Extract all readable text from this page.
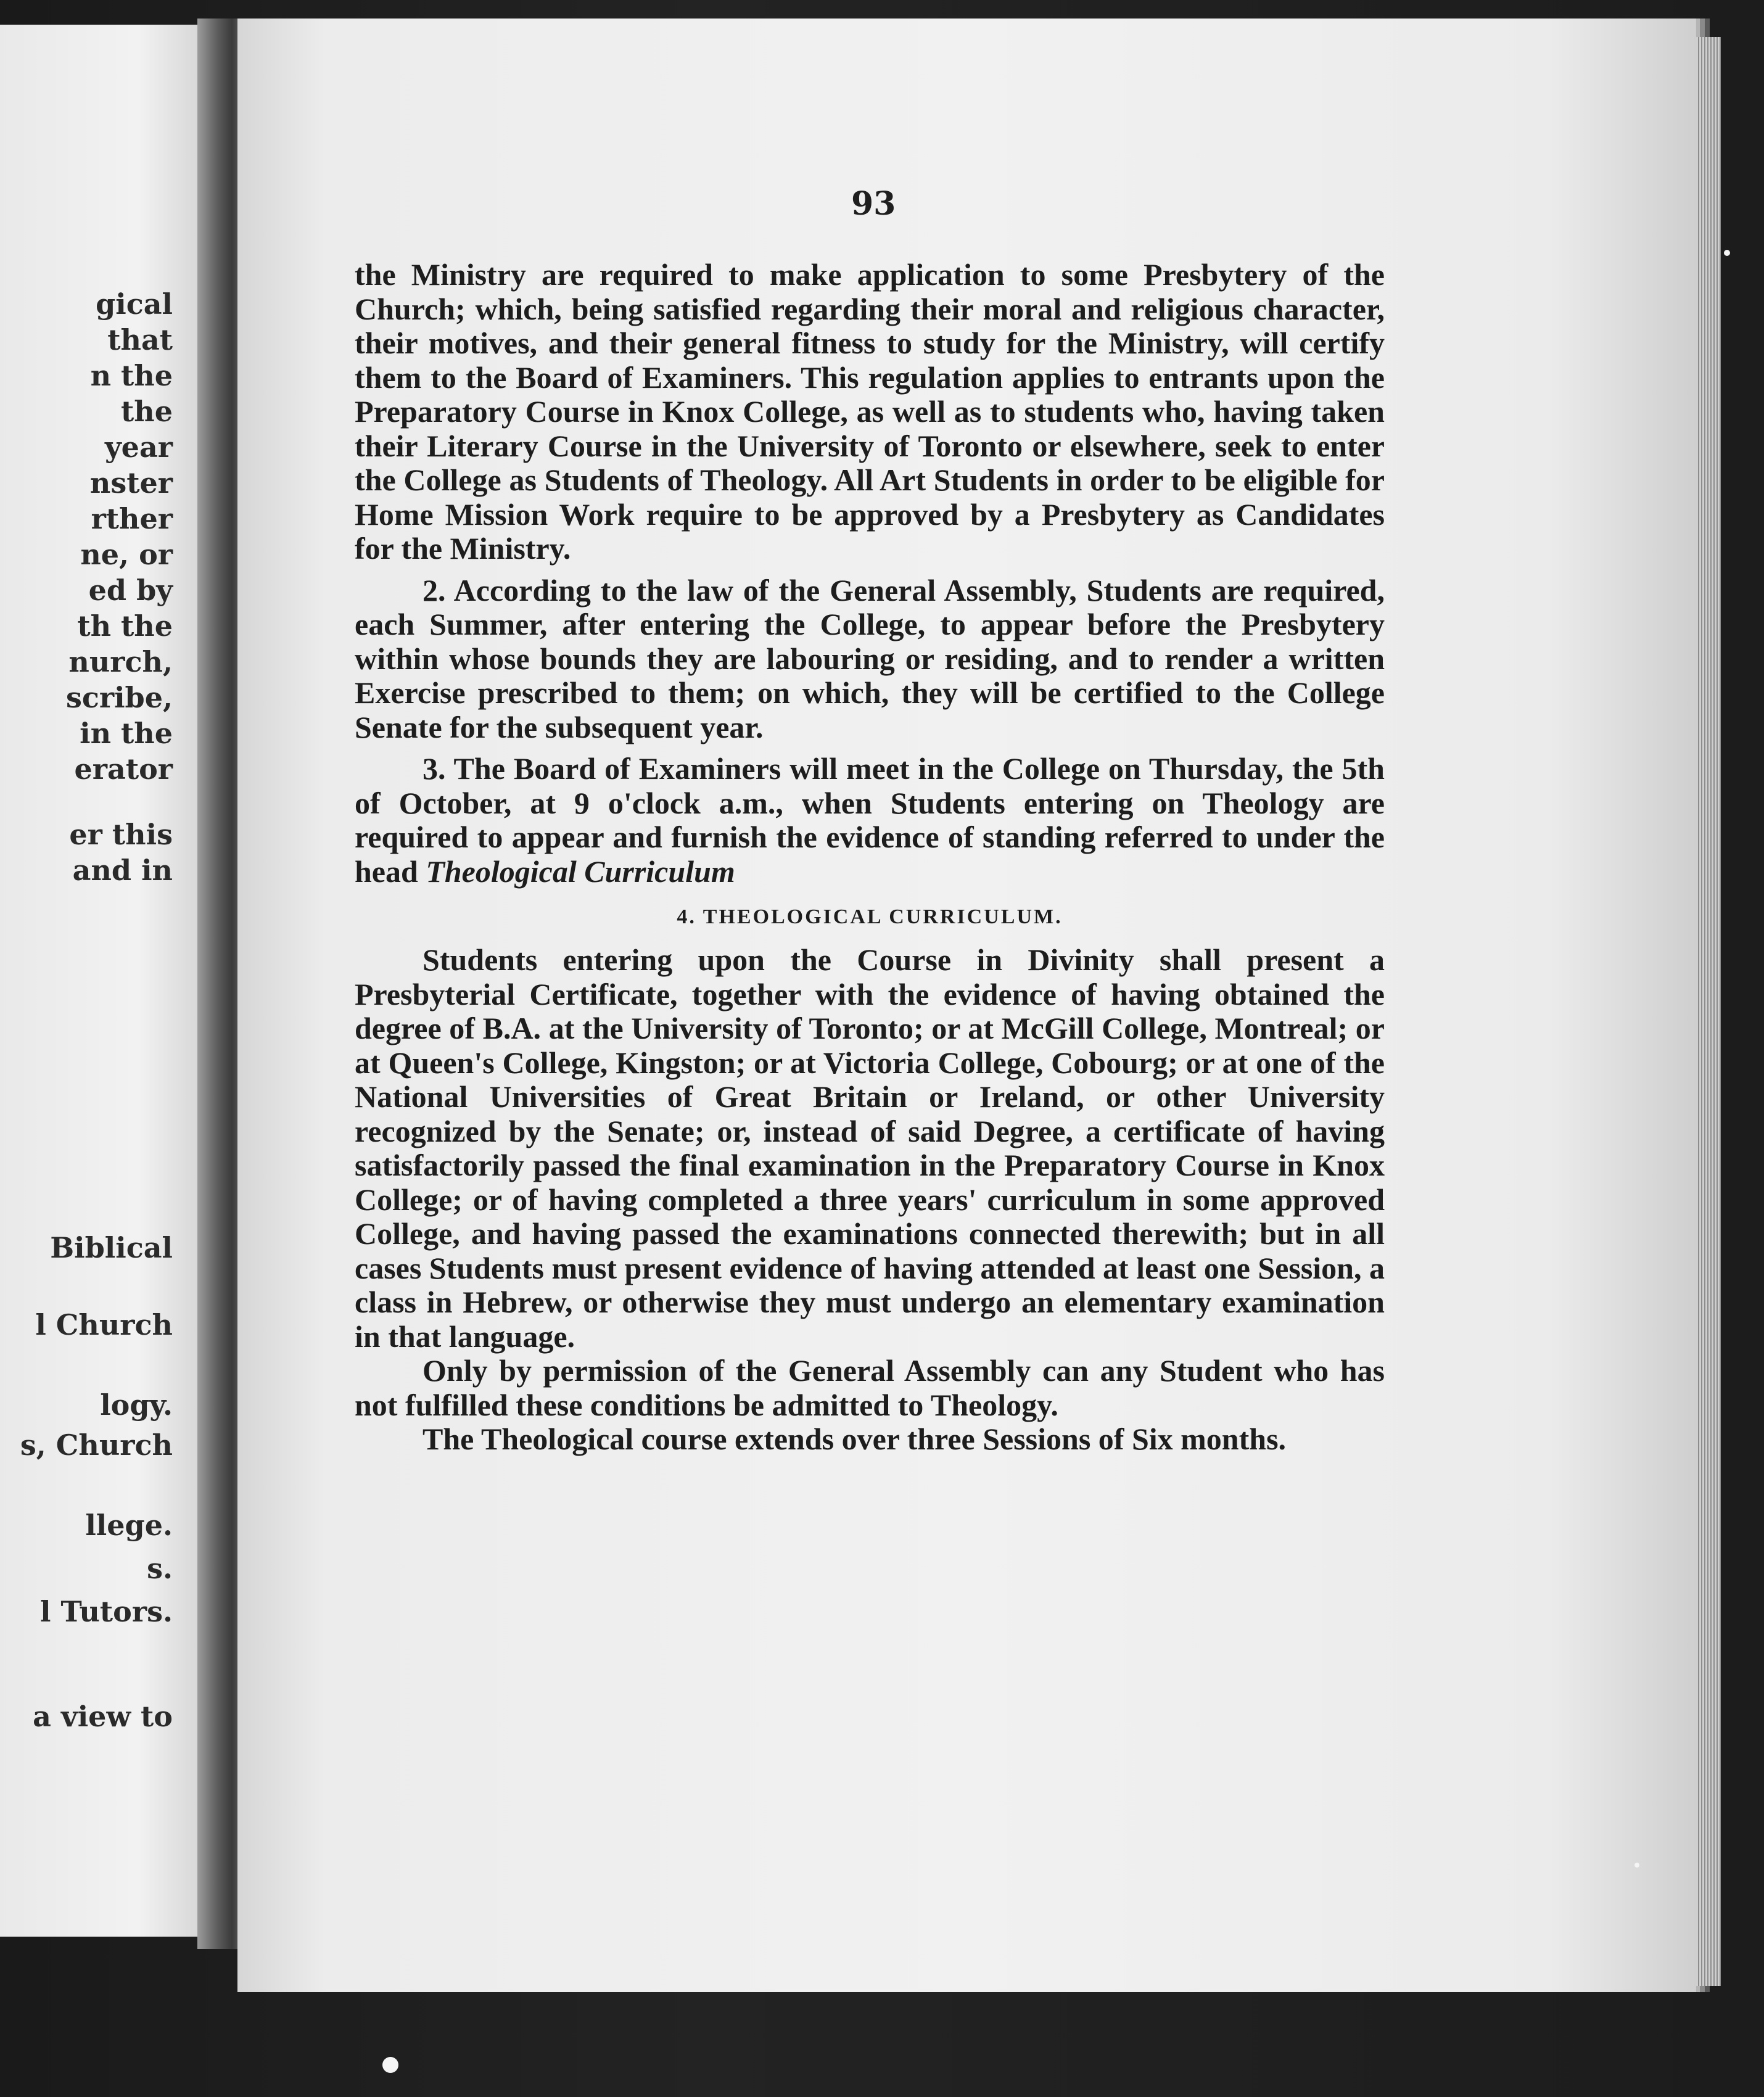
gical
that
n the
the
year
nster
rther
ne, or
ed by
th the
nurch,
scribe,
in the
erator
er this
and in
Biblical
l Church
logy.
s, Church
llege.
s.
l Tutors.
a view to
93

the Ministry are required to make application to some Presbytery of the Church; which, being satisfied regarding their moral and religious character, their motives, and their general fitness to study for the Ministry, will certify them to the Board of Examiners. This regulation applies to entrants upon the Preparatory Course in Knox College, as well as to students who, having taken their Literary Course in the University of Toronto or elsewhere, seek to enter the College as Students of Theology. All Art Students in order to be eligible for Home Mission Work require to be approved by a Presbytery as Candidates for the Ministry.

2. According to the law of the General Assembly, Students are required, each Summer, after entering the College, to appear before the Presbytery within whose bounds they are labouring or residing, and to render a written Exercise prescribed to them; on which, they will be certified to the College Senate for the subsequent year.

3. The Board of Examiners will meet in the College on Thursday, the 5th of October, at 9 o'clock a.m., when Students entering on Theology are required to appear and furnish the evidence of standing referred to under the head Theological Curriculum

4. THEOLOGICAL CURRICULUM.

Students entering upon the Course in Divinity shall present a Presbyterial Certificate, together with the evidence of having obtained the degree of B.A. at the University of Toronto; or at McGill College, Montreal; or at Queen's College, Kingston; or at Victoria College, Cobourg; or at one of the National Universities of Great Britain or Ireland, or other University recognized by the Senate; or, instead of said Degree, a certificate of having satisfactorily passed the final examination in the Preparatory Course in Knox College; or of having completed a three years' curriculum in some approved College, and having passed the examinations connected therewith; but in all cases Students must present evidence of having attended at least one Session, a class in Hebrew, or otherwise they must undergo an elementary examination in that language.

Only by permission of the General Assembly can any Student who has not fulfilled these conditions be admitted to Theology.

The Theological course extends over three Sessions of Six months.
